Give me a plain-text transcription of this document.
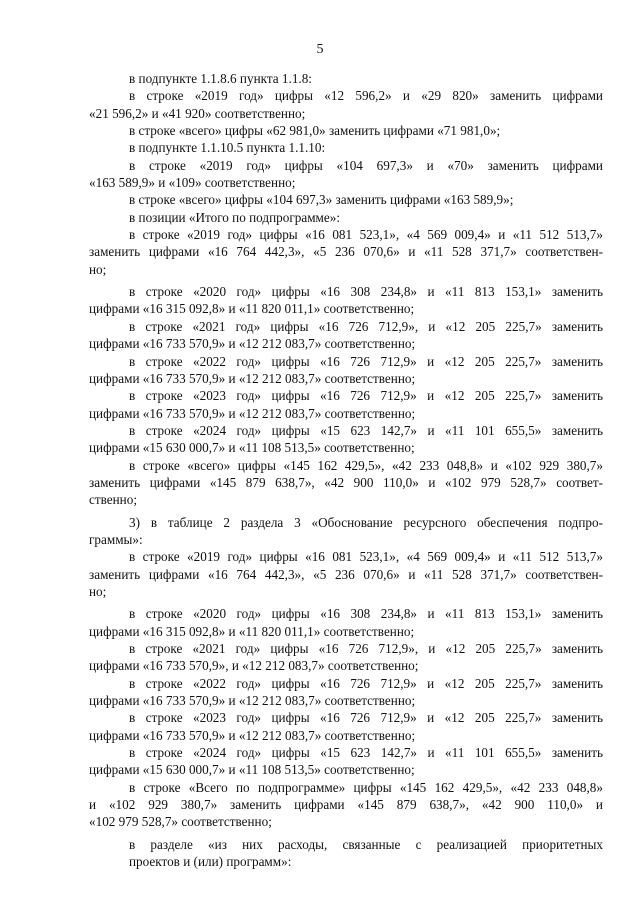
5
в подпункте 1.1.8.6 пункта 1.1.8:
в строке «2019 год» цифры «12 596,2» и «29 820» заменить цифрами
«21 596,2» и «41 920» соответственно;
в строке «всего» цифры «62 981,0» заменить цифрами «71 981,0»;
в подпункте 1.1.10.5 пункта 1.1.10:
в строке «2019 год» цифры «104 697,3» и «70» заменить цифрами
«163 589,9» и «109» соответственно;
в строке «всего» цифры «104 697,3» заменить цифрами «163 589,9»;
в позиции «Итого по подпрограмме»:
в строке «2019 год» цифры «16 081 523,1», «4 569 009,4» и «11 512 513,7»
заменить цифрами «16 764 442,3», «5 236 070,6» и «11 528 371,7» соответствен-
но;
в строке «2020 год» цифры «16 308 234,8» и «11 813 153,1» заменить
цифрами «16 315 092,8» и «11 820 011,1» соответственно;
в строке «2021 год» цифры «16 726 712,9», и «12 205 225,7» заменить
цифрами «16 733 570,9» и «12 212 083,7» соответственно;
в строке «2022 год» цифры «16 726 712,9» и «12 205 225,7» заменить
цифрами «16 733 570,9» и «12 212 083,7» соответственно;
в строке «2023 год» цифры «16 726 712,9» и «12 205 225,7» заменить
цифрами «16 733 570,9» и «12 212 083,7» соответственно;
в строке «2024 год» цифры «15 623 142,7» и «11 101 655,5» заменить
цифрами «15 630 000,7» и «11 108 513,5» соответственно;
в строке «всего» цифры «145 162 429,5», «42 233 048,8» и «102 929 380,7»
заменить цифрами «145 879 638,7», «42 900 110,0» и «102 979 528,7» соответ-
ственно;
3) в таблице 2 раздела 3 «Обоснование ресурсного обеспечения подпро-
граммы»:
в строке «2019 год» цифры «16 081 523,1», «4 569 009,4» и «11 512 513,7»
заменить цифрами «16 764 442,3», «5 236 070,6» и «11 528 371,7» соответствен-
но;
в строке «2020 год» цифры «16 308 234,8» и «11 813 153,1» заменить
цифрами «16 315 092,8» и «11 820 011,1» соответственно;
в строке «2021 год» цифры «16 726 712,9», и «12 205 225,7» заменить
цифрами «16 733 570,9», и «12 212 083,7» соответственно;
в строке «2022 год» цифры «16 726 712,9» и «12 205 225,7» заменить
цифрами «16 733 570,9» и «12 212 083,7» соответственно;
в строке «2023 год» цифры «16 726 712,9» и «12 205 225,7» заменить
цифрами «16 733 570,9» и «12 212 083,7» соответственно;
в строке «2024 год» цифры «15 623 142,7» и «11 101 655,5» заменить
цифрами «15 630 000,7» и «11 108 513,5» соответственно;
в строке «Всего по подпрограмме» цифры «145 162 429,5», «42 233 048,8»
и «102 929 380,7» заменить цифрами «145 879 638,7», «42 900 110,0» и
«102 979 528,7» соответственно;
в разделе «из них расходы, связанные с реализацией приоритетных
проектов и (или) программ»:
